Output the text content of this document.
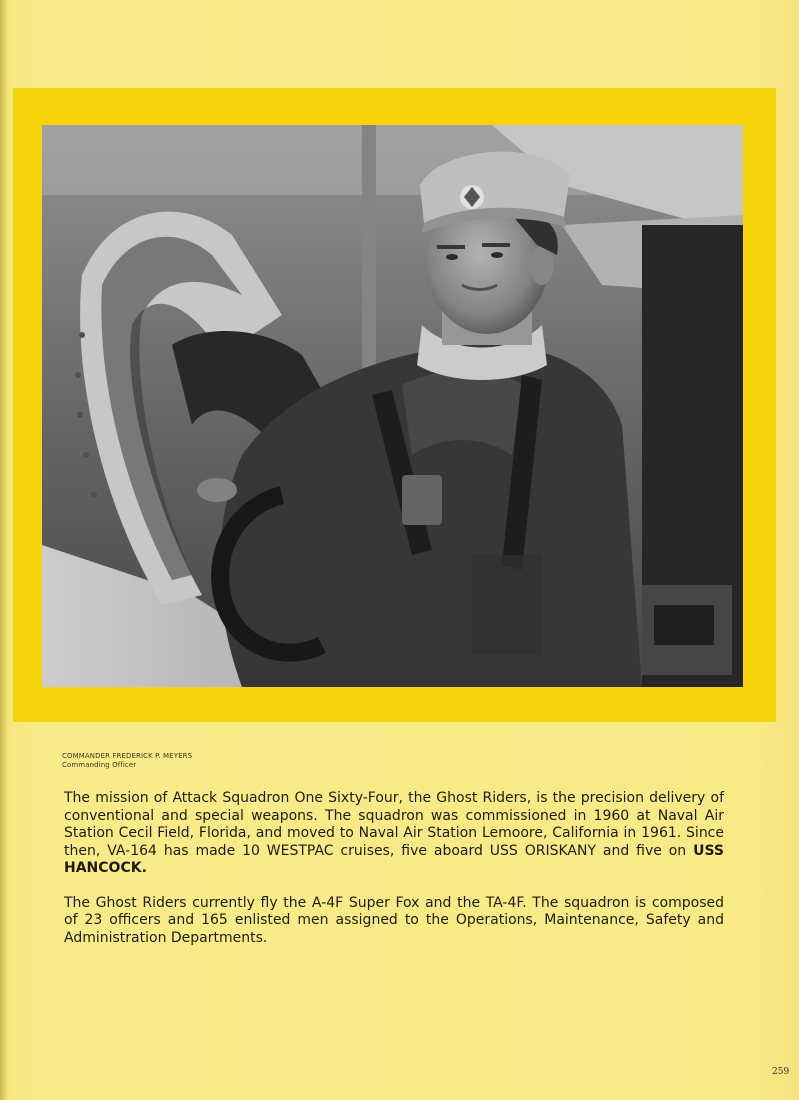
COMMANDER FREDERICK P. MEYERS
Commanding Officer

The mission of Attack Squadron One Sixty-Four, the Ghost Riders, is the precision delivery of conventional and special weapons. The squadron was commissioned in 1960 at Naval Air Station Cecil Field, Florida, and moved to Naval Air Station Lemoore, California in 1961. Since then, VA-164 has made 10 WESTPAC cruises, five aboard USS ORISKANY and five on USS HANCOCK.

The Ghost Riders currently fly the A-4F Super Fox and the TA-4F. The squadron is composed of 23 officers and 165 enlisted men assigned to the Operations, Maintenance, Safety and Administration Departments.

259
